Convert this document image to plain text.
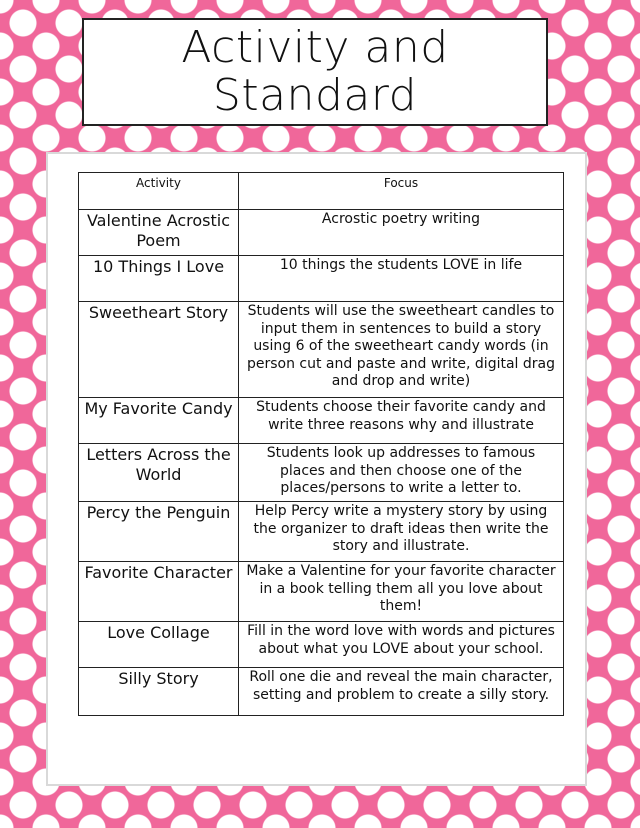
Activity and
Standard
Activity	Focus
Valentine Acrostic Poem	Acrostic poetry writing
10 Things I Love	10 things the students LOVE in life
Sweetheart Story	Students will use the sweetheart candles to input them in sentences to build a story using 6 of the sweetheart candy words (in person cut and paste and write, digital drag and drop and write)
My Favorite Candy	Students choose their favorite candy and write three reasons why and illustrate
Letters Across the World	Students look up addresses to famous places and then choose one of the places/persons to write a letter to.
Percy the Penguin	Help Percy write a mystery story by using the organizer to draft ideas then write the story and illustrate.
Favorite Character	Make a Valentine for your favorite character in a book telling them all you love about them!
Love Collage	Fill in the word love with words and pictures about what you LOVE about your school.
Silly Story	Roll one die and reveal the main character, setting and problem to create a silly story.
